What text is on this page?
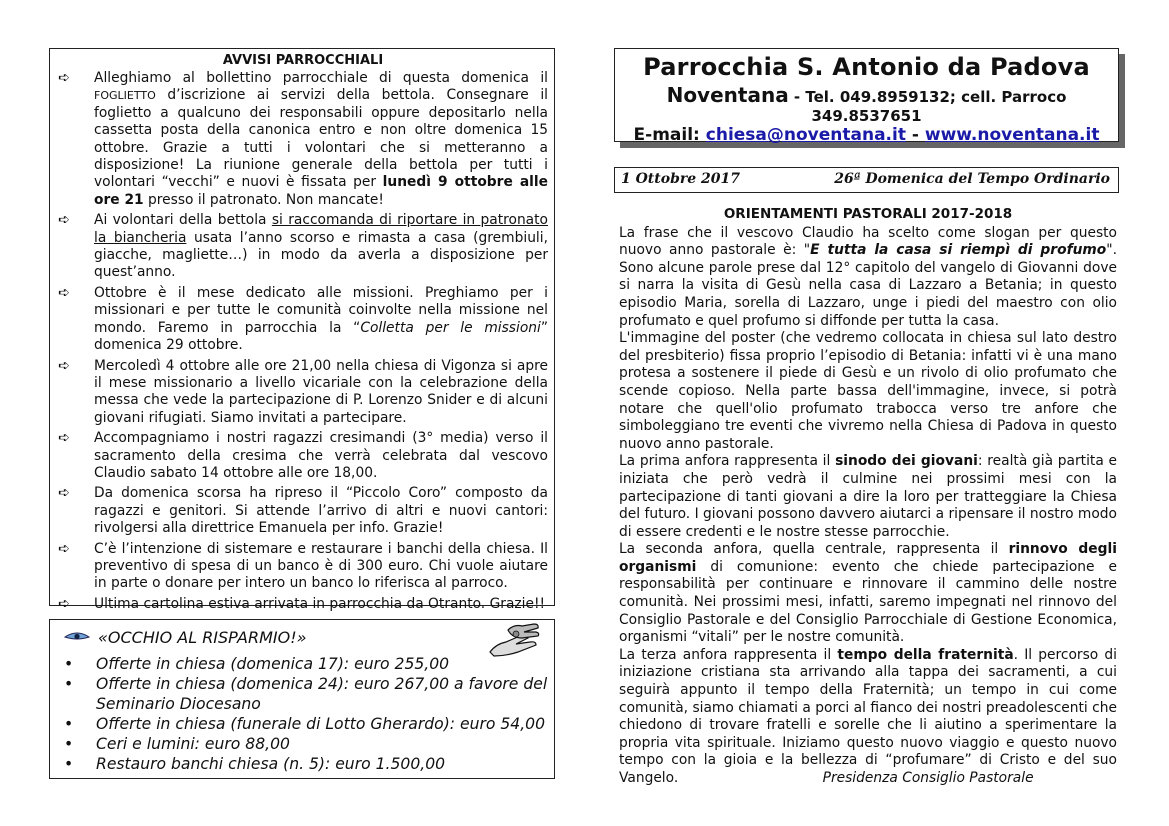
AVVISI PARROCCHIALI
➪ Alleghiamo al bollettino parrocchiale di questa domenica il FOGLIETTO d’iscrizione ai servizi della bettola. Consegnare il foglietto a qualcuno dei responsabili oppure depositarlo nella cassetta posta della canonica entro e non oltre domenica 15 ottobre. Grazie a tutti i volontari che si metteranno a disposizione! La riunione generale della bettola per tutti i volontari “vecchi” e nuovi è fissata per lunedì 9 ottobre alle ore 21 presso il patronato. Non mancate!
➪ Ai volontari della bettola si raccomanda di riportare in patronato la biancheria usata l’anno scorso e rimasta a casa (grembiuli, giacche, magliette…) in modo da averla a disposizione per quest’anno.
➪ Ottobre è il mese dedicato alle missioni. Preghiamo per i missionari e per tutte le comunità coinvolte nella missione nel mondo. Faremo in parrocchia la “Colletta per le missioni” domenica 29 ottobre.
➪ Mercoledì 4 ottobre alle ore 21,00 nella chiesa di Vigonza si apre il mese missionario a livello vicariale con la celebrazione della messa che vede la partecipazione di P. Lorenzo Snider e di alcuni giovani rifugiati. Siamo invitati a partecipare.
➪ Accompagniamo i nostri ragazzi cresimandi (3° media) verso il sacramento della cresima che verrà celebrata dal vescovo Claudio sabato 14 ottobre alle ore 18,00.
➪ Da domenica scorsa ha ripreso il “Piccolo Coro” composto da ragazzi e genitori. Si attende l’arrivo di altri e nuovi cantori: rivolgersi alla direttrice Emanuela per info. Grazie!
➪ C’è l’intenzione di sistemare e restaurare i banchi della chiesa. Il preventivo di spesa di un banco è di 300 euro. Chi vuole aiutare in parte o donare per intero un banco lo riferisca al parroco.
➪ Ultima cartolina estiva arrivata in parrocchia da Otranto. Grazie!!
«OCCHIO AL RISPARMIO!»
• Offerte in chiesa (domenica 17): euro 255,00
• Offerte in chiesa (domenica 24): euro 267,00 a favore del Seminario Diocesano
• Offerte in chiesa (funerale di Lotto Gherardo): euro 54,00
• Ceri e lumini: euro 88,00
• Restauro banchi chiesa (n. 5): euro 1.500,00
Parrocchia S. Antonio da Padova
Noventana - Tel. 049.8959132; cell. Parroco 349.8537651
E-mail: chiesa@noventana.it - www.noventana.it
1 Ottobre 2017	26ª Domenica del Tempo Ordinario
ORIENTAMENTI PASTORALI 2017-2018

La frase che il vescovo Claudio ha scelto come slogan per questo nuovo anno pastorale è: "E tutta la casa si riempì di profumo". Sono alcune parole prese dal 12° capitolo del vangelo di Giovanni dove si narra la visita di Gesù nella casa di Lazzaro a Betania; in questo episodio Maria, sorella di Lazzaro, unge i piedi del maestro con olio profumato e quel profumo si diffonde per tutta la casa.

L'immagine del poster (che vedremo collocata in chiesa sul lato destro del presbiterio) fissa proprio l’episodio di Betania: infatti vi è una mano protesa a sostenere il piede di Gesù e un rivolo di olio profumato che scende copioso. Nella parte bassa dell'immagine, invece, si potrà notare che quell'olio profumato trabocca verso tre anfore che simboleggiano tre eventi che vivremo nella Chiesa di Padova in questo nuovo anno pastorale.

La prima anfora rappresenta il sinodo dei giovani: realtà già partita e iniziata che però vedrà il culmine nei prossimi mesi con la partecipazione di tanti giovani a dire la loro per tratteggiare la Chiesa del futuro. I giovani possono davvero aiutarci a ripensare il nostro modo di essere credenti e le nostre stesse parrocchie.

La seconda anfora, quella centrale, rappresenta il rinnovo degli organismi di comunione: evento che chiede partecipazione e responsabilità per continuare e rinnovare il cammino delle nostre comunità. Nei prossimi mesi, infatti, saremo impegnati nel rinnovo del Consiglio Pastorale e del Consiglio Parrocchiale di Gestione Economica, organismi “vitali” per le nostre comunità.

La terza anfora rappresenta il tempo della fraternità. Il percorso di iniziazione cristiana sta arrivando alla tappa dei sacramenti, a cui seguirà appunto il tempo della Fraternità; un tempo in cui come comunità, siamo chiamati a porci al fianco dei nostri preadolescenti che chiedono di trovare fratelli e sorelle che li aiutino a sperimentare la propria vita spirituale. Iniziamo questo nuovo viaggio e questo nuovo tempo con la gioia e la bellezza di “profumare” di Cristo e del suo Vangelo.	Presidenza Consiglio Pastorale
